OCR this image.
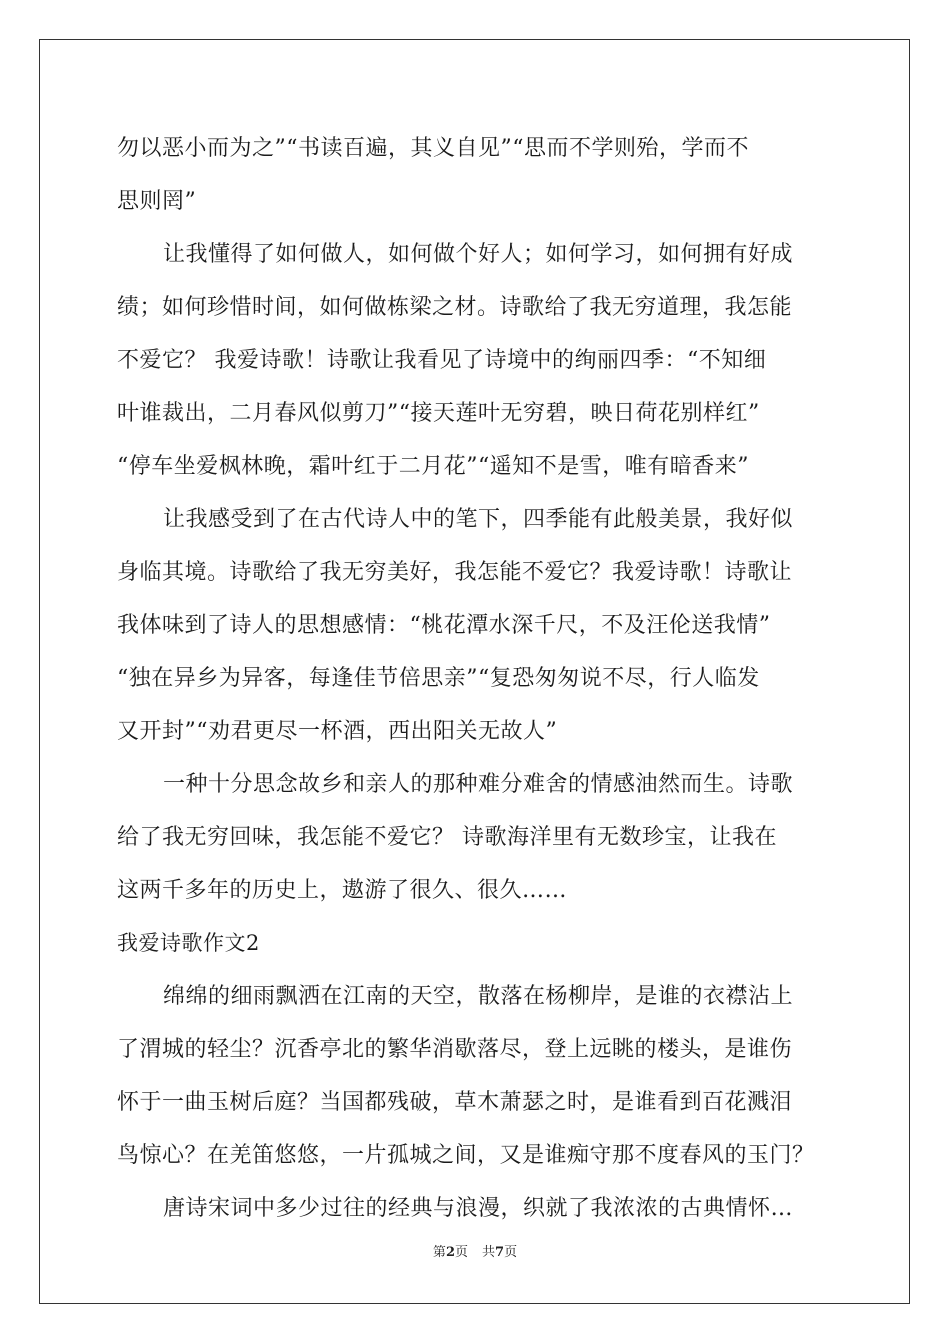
勿以恶小而为之”“书读百遍，其义自见”“思而不学则殆，学而不
思则罔”
让我懂得了如何做人，如何做个好人；如何学习，如何拥有好成
绩；如何珍惜时间，如何做栋梁之材。诗歌给了我无穷道理，我怎能
不爱它？ 我爱诗歌！诗歌让我看见了诗境中的绚丽四季：“不知细
叶谁裁出，二月春风似剪刀”“接天莲叶无穷碧，映日荷花别样红”
“停车坐爱枫林晚，霜叶红于二月花”“遥知不是雪，唯有暗香来”
让我感受到了在古代诗人中的笔下，四季能有此般美景，我好似
身临其境。诗歌给了我无穷美好，我怎能不爱它？我爱诗歌！诗歌让
我体味到了诗人的思想感情：“桃花潭水深千尺，不及汪伦送我情”
“独在异乡为异客，每逢佳节倍思亲”“复恐匆匆说不尽，行人临发
又开封”“劝君更尽一杯酒，西出阳关无故人”
一种十分思念故乡和亲人的那种难分难舍的情感油然而生。诗歌
给了我无穷回味，我怎能不爱它？ 诗歌海洋里有无数珍宝，让我在
这两千多年的历史上，遨游了很久、很久……
我爱诗歌作文2
绵绵的细雨飘洒在江南的天空，散落在杨柳岸，是谁的衣襟沾上
了渭城的轻尘？沉香亭北的繁华消歇落尽，登上远眺的楼头，是谁伤
怀于一曲玉树后庭？当国都残破，草木萧瑟之时，是谁看到百花溅泪
鸟惊心？在羌笛悠悠，一片孤城之间，又是谁痴守那不度春风的玉门？
唐诗宋词中多少过往的经典与浪漫，织就了我浓浓的古典情怀…
第2页 共7页
